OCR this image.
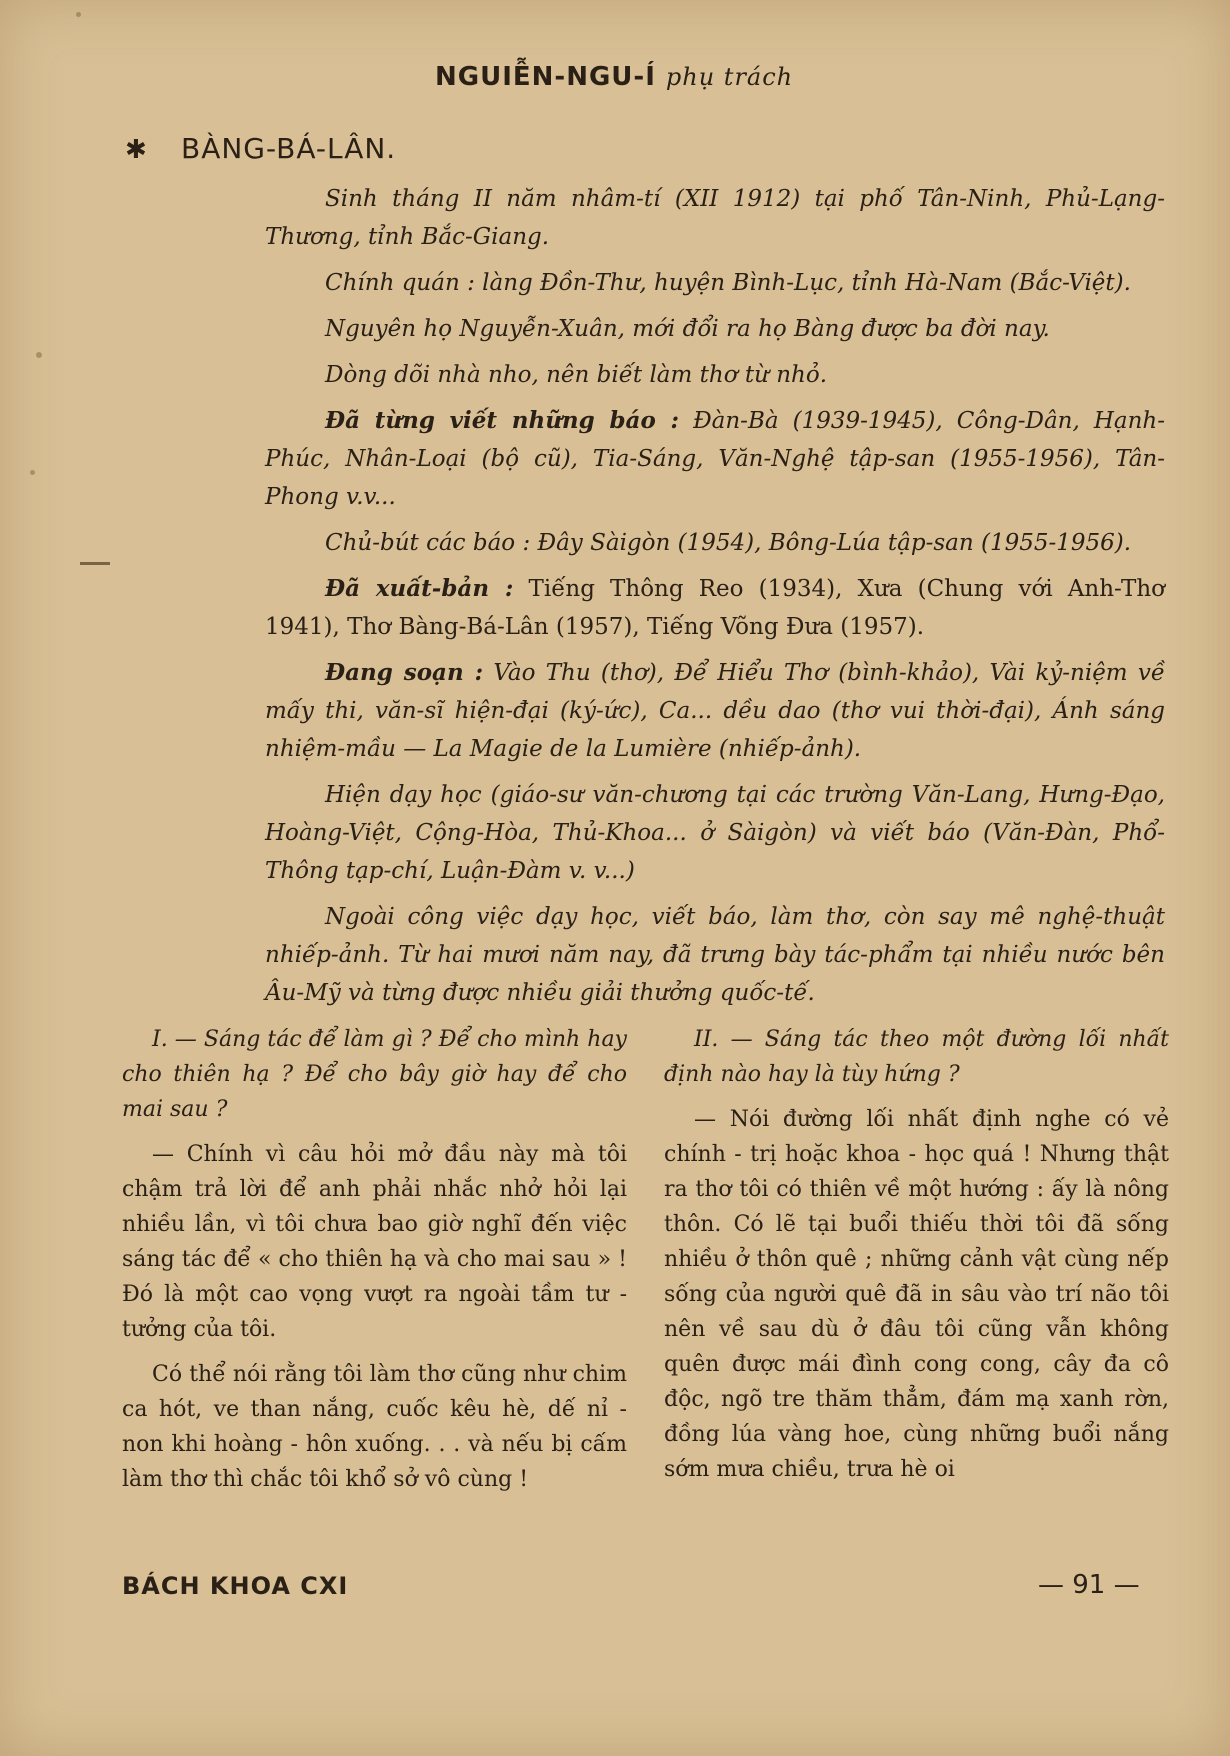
NGUIỄN-NGU-Í phụ trách
✱ BÀNG-BÁ-LÂN.

Sinh tháng II năm nhâm-tí (XII 1912) tại phố Tân-Ninh, Phủ-Lạng-Thương, tỉnh Bắc-Giang.

Chính quán : làng Đồn-Thư, huyện Bình-Lục, tỉnh Hà-Nam (Bắc-Việt).

Nguyên họ Nguyễn-Xuân, mới đổi ra họ Bàng được ba đời nay.

Dòng dõi nhà nho, nên biết làm thơ từ nhỏ.

Đã từng viết những báo : Đàn-Bà (1939-1945), Công-Dân, Hạnh-Phúc, Nhân-Loại (bộ cũ), Tia-Sáng, Văn-Nghệ tập-san (1955-1956), Tân-Phong v.v...

Chủ-bút các báo : Đây Sàigòn (1954), Bông-Lúa tập-san (1955-1956).

Đã xuất-bản : Tiếng Thông Reo (1934), Xưa (Chung với Anh-Thơ 1941), Thơ Bàng-Bá-Lân (1957), Tiếng Võng Đưa (1957).

Đang soạn : Vào Thu (thơ), Để Hiểu Thơ (bình-khảo), Vài kỷ-niệm về mấy thi, văn-sĩ hiện-đại (ký-ức), Ca... dều dao (thơ vui thời-đại), Ánh sáng nhiệm-mầu — La Magie de la Lumière (nhiếp-ảnh).

Hiện dạy học (giáo-sư văn-chương tại các trường Văn-Lang, Hưng-Đạo, Hoàng-Việt, Cộng-Hòa, Thủ-Khoa... ở Sàigòn) và viết báo (Văn-Đàn, Phổ-Thông tạp-chí, Luận-Đàm v. v...)

Ngoài công việc dạy học, viết báo, làm thơ, còn say mê nghệ-thuật nhiếp-ảnh. Từ hai mươi năm nay, đã trưng bày tác-phẩm tại nhiều nước bên Âu-Mỹ và từng được nhiều giải thưởng quốc-tế.

I. — Sáng tác để làm gì ? Để cho mình hay cho thiên hạ ? Để cho bây giờ hay để cho mai sau ?

— Chính vì câu hỏi mở đầu này mà tôi chậm trả lời để anh phải nhắc nhở hỏi lại nhiều lần, vì tôi chưa bao giờ nghĩ đến việc sáng tác để « cho thiên hạ và cho mai sau » ! Đó là một cao vọng vượt ra ngoài tầm tư - tưởng của tôi.

Có thể nói rằng tôi làm thơ cũng như chim ca hót, ve than nắng, cuốc kêu hè, dế nỉ - non khi hoàng - hôn xuống. . . và nếu bị cấm làm thơ thì chắc tôi khổ sở vô cùng !

II. — Sáng tác theo một đường lối nhất định nào hay là tùy hứng ?

— Nói đường lối nhất định nghe có vẻ chính - trị hoặc khoa - học quá ! Nhưng thật ra thơ tôi có thiên về một hướng : ấy là nông thôn. Có lẽ tại buổi thiếu thời tôi đã sống nhiều ở thôn quê ; những cảnh vật cùng nếp sống của người quê đã in sâu vào trí não tôi nên về sau dù ở đâu tôi cũng vẫn không quên được mái đình cong cong, cây đa cô độc, ngõ tre thăm thẳm, đám mạ xanh rờn, đồng lúa vàng hoe, cùng những buổi nắng sớm mưa chiều, trưa hè oi

BÁCH KHOA CXI	— 91 —
